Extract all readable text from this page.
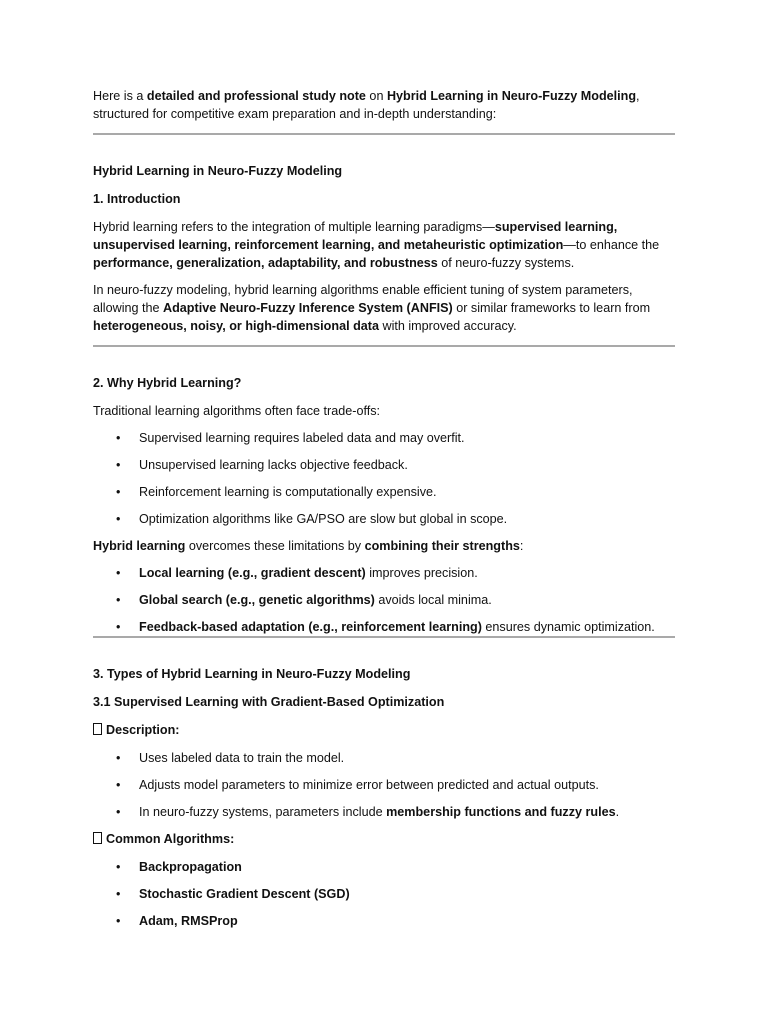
Here is a detailed and professional study note on Hybrid Learning in Neuro-Fuzzy Modeling, structured for competitive exam preparation and in-depth understanding:

Hybrid Learning in Neuro-Fuzzy Modeling

1. Introduction

Hybrid learning refers to the integration of multiple learning paradigms—supervised learning, unsupervised learning, reinforcement learning, and metaheuristic optimization—to enhance the performance, generalization, adaptability, and robustness of neuro-fuzzy systems.

In neuro-fuzzy modeling, hybrid learning algorithms enable efficient tuning of system parameters, allowing the Adaptive Neuro-Fuzzy Inference System (ANFIS) or similar frameworks to learn from heterogeneous, noisy, or high-dimensional data with improved accuracy.

2. Why Hybrid Learning?

Traditional learning algorithms often face trade-offs:

• Supervised learning requires labeled data and may overfit.
• Unsupervised learning lacks objective feedback.
• Reinforcement learning is computationally expensive.
• Optimization algorithms like GA/PSO are slow but global in scope.

Hybrid learning overcomes these limitations by combining their strengths:

• Local learning (e.g., gradient descent) improves precision.
• Global search (e.g., genetic algorithms) avoids local minima.
• Feedback-based adaptation (e.g., reinforcement learning) ensures dynamic optimization.

3. Types of Hybrid Learning in Neuro-Fuzzy Modeling

3.1 Supervised Learning with Gradient-Based Optimization

Description:

• Uses labeled data to train the model.
• Adjusts model parameters to minimize error between predicted and actual outputs.
• In neuro-fuzzy systems, parameters include membership functions and fuzzy rules.

Common Algorithms:

• Backpropagation
• Stochastic Gradient Descent (SGD)
• Adam, RMSProp
